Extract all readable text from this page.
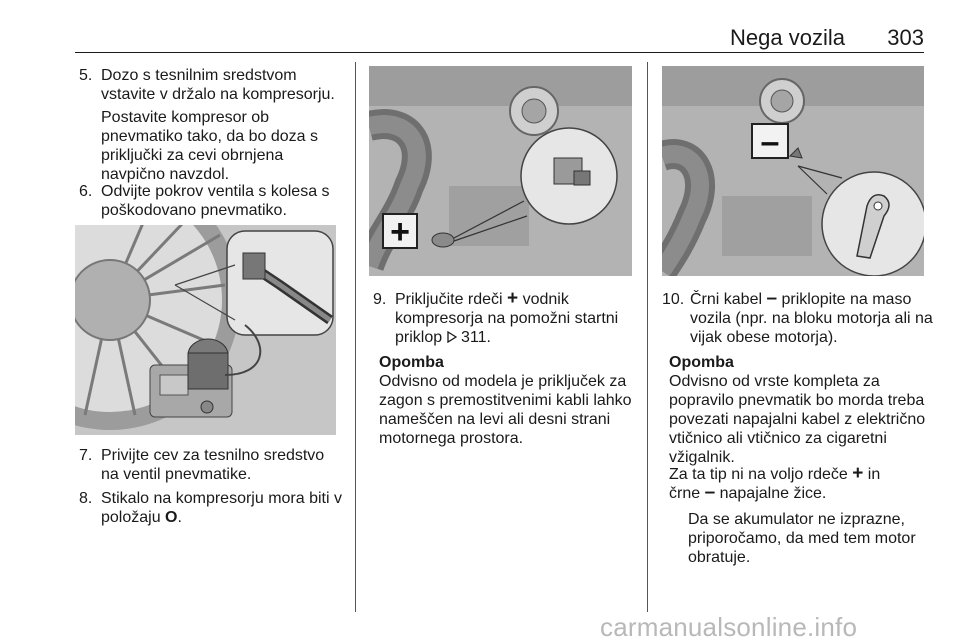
Nega vozila 303
5. Dozo s tesnilnim sredstvom

vstavite v držalo na kompresorju.

Postavite kompresor ob

pnevmatiko tako, da bo doza s

priključki za cevi obrnjena

navpično navzdol.

6. Odvijte pokrov ventila s kolesa s

poškodovano pnevmatiko.

7. Privijte cev za tesnilno sredstvo

na ventil pnevmatike.

8. Stikalo na kompresorju mora biti v

položaju O.

+
9. Priključite rdeči + vodnik

kompresorja na pomožni startni

priklop  311.

Opomba

Odvisno od modela je priključek za

zagon s premostitvenimi kabli lahko

nameščen na levi ali desni strani

motornega prostora.

–
10. Črni kabel – priklopite na maso

vozila (npr. na bloku motorja ali na

vijak obese motorja).

Opomba

Odvisno od vrste kompleta za

popravilo pnevmatik bo morda treba

povezati napajalni kabel z električno

vtičnico ali vtičnico za cigaretni

vžigalnik.

Za ta tip ni na voljo rdeče + in

črne – napajalne žice.

Da se akumulator ne izprazne,

priporočamo, da med tem motor

obratuje.

carmanualsonline.info
